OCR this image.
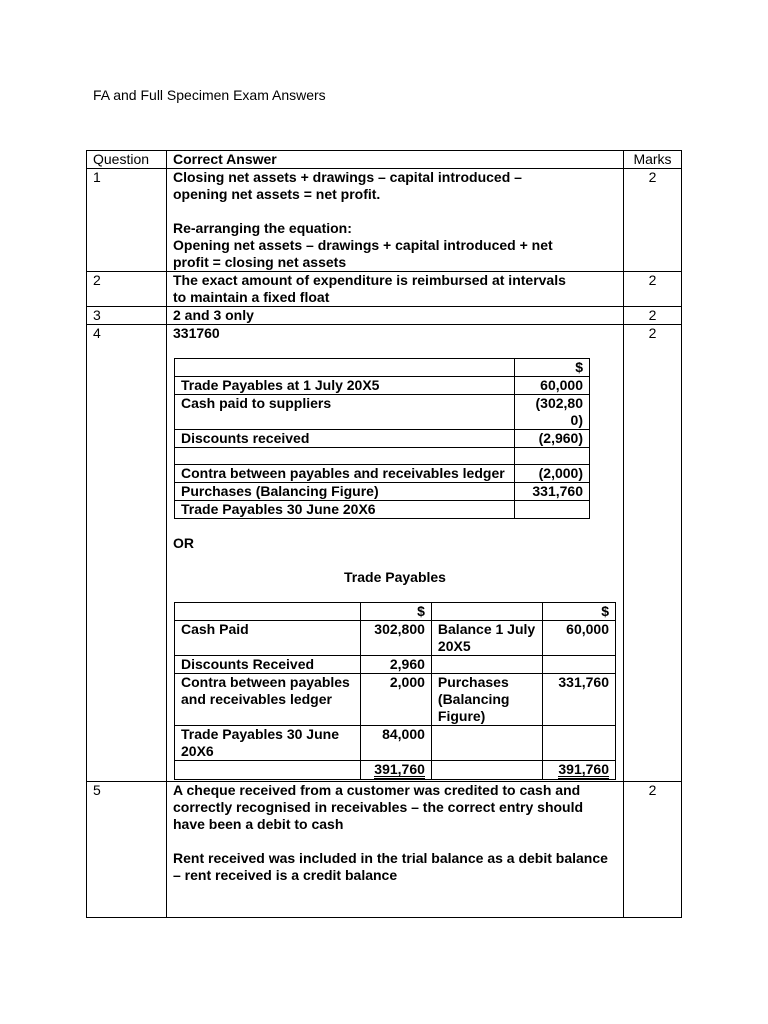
FA and Full Specimen Exam Answers
Question	Correct Answer	Marks
1	Closing net assets + drawings – capital introduced –
opening net assets = net profit.
Re-arranging the equation:
Opening net assets – drawings + capital introduced + net
profit = closing net assets
	2
2	The exact amount of expenditure is reimbursed at intervals
to maintain a fixed float
	2
3	2 and 3 only	2
4	331760
	$
Trade Payables at 1 July 20X5	60,000
Cash paid to suppliers	(302,80
0)
Discounts received	(2,960)

Contra between payables and receivables ledger	(2,000)
Purchases (Balancing Figure)	331,760
Trade Payables 30 June 20X6	
OR
Trade Payables
	$		$
Cash Paid	302,800	Balance 1 July 20X5	60,000
Discounts Received	2,960		
Contra between payables and receivables ledger	2,000	Purchases (Balancing Figure)	331,760
Trade Payables 30 June 20X6	84,000		
	391,760		391,760
	2
5	A cheque received from a customer was credited to cash and correctly recognised in receivables – the correct entry should have been a debit to cash
Rent received was included in the trial balance as a debit balance – rent received is a credit balance
	2
